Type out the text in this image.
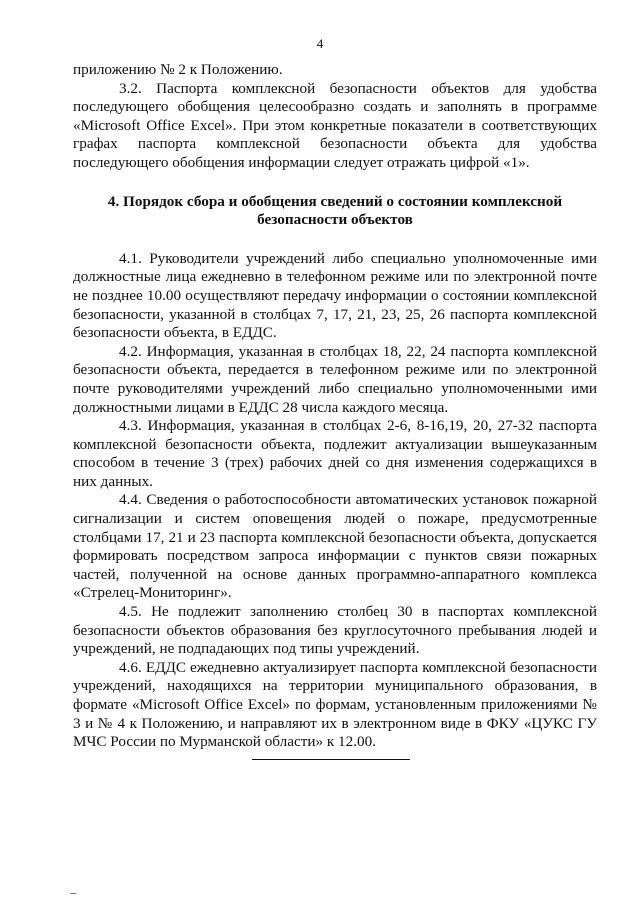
4

приложению № 2 к Положению.

3.2. Паспорта комплексной безопасности объектов для удобства последующего обобщения целесообразно создать и заполнять в программе «Microsoft Office Excel». При этом конкретные показатели в соответствующих графах паспорта комплексной безопасности объекта для удобства последующего обобщения информации следует отражать цифрой «1».

4. Порядок сбора и обобщения сведений о состоянии комплексной безопасности объектов

4.1. Руководители учреждений либо специально уполномоченные ими должностные лица ежедневно в телефонном режиме или по электронной почте не позднее 10.00 осуществляют передачу информации о состоянии комплексной безопасности, указанной в столбцах 7, 17, 21, 23, 25, 26 паспорта комплексной безопасности объекта, в ЕДДС.

4.2. Информация, указанная в столбцах 18, 22, 24 паспорта комплексной безопасности объекта, передается в телефонном режиме или по электронной почте руководителями учреждений либо специально уполномоченными ими должностными лицами в ЕДДС 28 числа каждого месяца.

4.3. Информация, указанная в столбцах 2-6, 8-16,19, 20, 27-32 паспорта комплексной безопасности объекта, подлежит актуализации вышеуказанным способом в течение 3 (трех) рабочих дней со дня изменения содержащихся в них данных.

4.4. Сведения о работоспособности автоматических установок пожарной сигнализации и систем оповещения людей о пожаре, предусмотренные столбцами 17, 21 и 23 паспорта комплексной безопасности объекта, допускается формировать посредством запроса информации с пунктов связи пожарных частей, полученной на основе данных программно-аппаратного комплекса «Стрелец-Мониторинг».

4.5. Не подлежит заполнению столбец 30 в паспортах комплексной безопасности объектов образования без круглосуточного пребывания людей и учреждений, не подпадающих под типы учреждений.

4.6. ЕДДС ежедневно актуализирует паспорта комплексной безопасности учреждений, находящихся на территории муниципального образования, в формате «Microsoft Office Excel» по формам, установленным приложениями № 3 и № 4 к Положению, и направляют их в электронном виде в ФКУ «ЦУКС ГУ МЧС России по Мурманской области» к 12.00.
